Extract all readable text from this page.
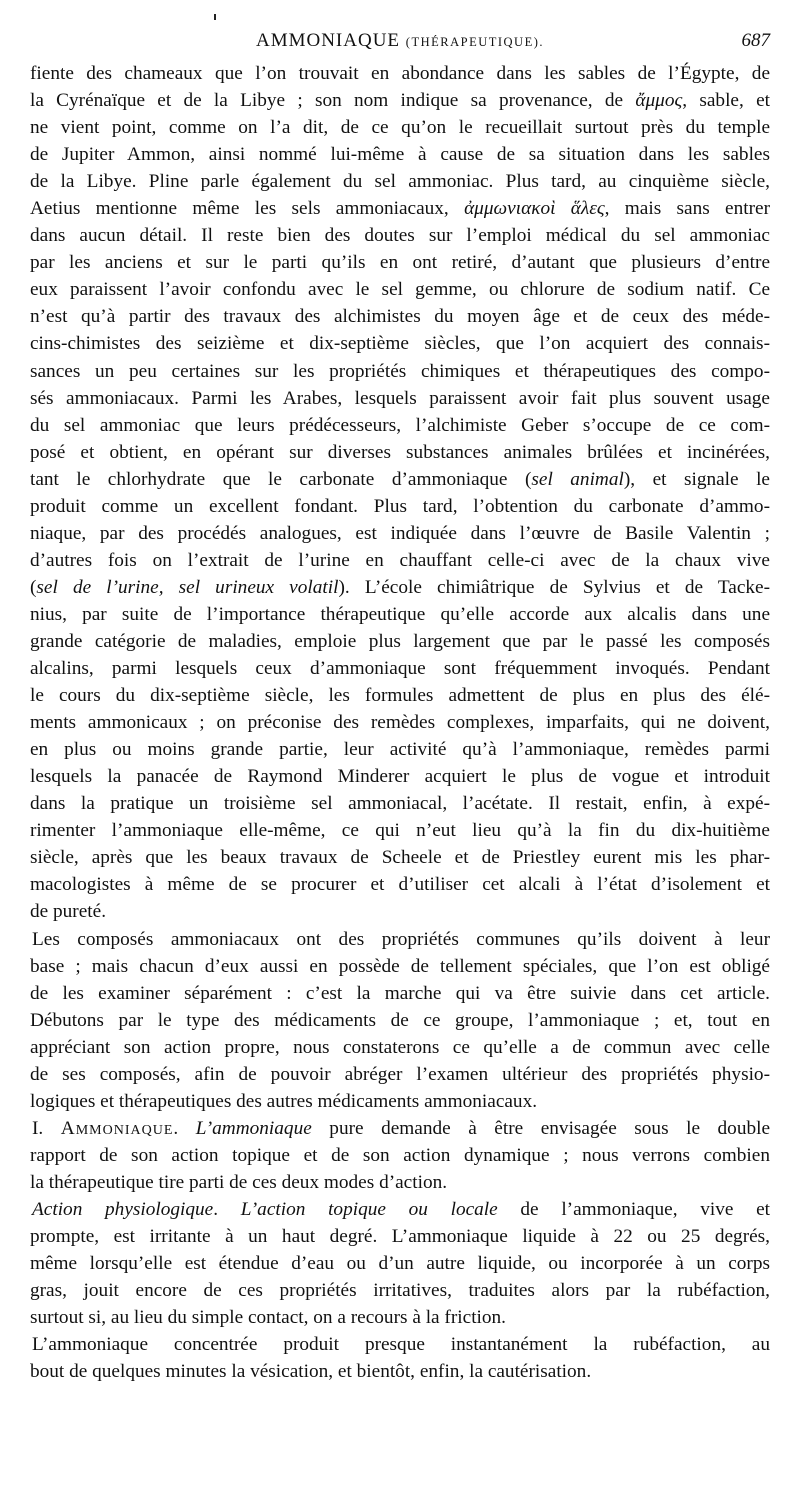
AMMONIAQUE (THÉRAPEUTIQUE).	687
fiente des chameaux que l’on trouvait en abondance dans les sables de l’Égypte, de
la Cyrénaïque et de la Libye ; son nom indique sa provenance, de ἄμμος, sable, et
ne vient point, comme on l’a dit, de ce qu’on le recueillait surtout près du temple
de Jupiter Ammon, ainsi nommé lui-même à cause de sa situation dans les sables
de la Libye. Pline parle également du sel ammoniac. Plus tard, au cinquième siècle,
Aetius mentionne même les sels ammoniacaux, ἀμμωνιακοὶ ἅλες, mais sans entrer
dans aucun détail. Il reste bien des doutes sur l’emploi médical du sel ammoniac
par les anciens et sur le parti qu’ils en ont retiré, d’autant que plusieurs d’entre
eux paraissent l’avoir confondu avec le sel gemme, ou chlorure de sodium natif. Ce
n’est qu’à partir des travaux des alchimistes du moyen âge et de ceux des méde-
cins-chimistes des seizième et dix-septième siècles, que l’on acquiert des connais-
sances un peu certaines sur les propriétés chimiques et thérapeutiques des compo-
sés ammoniacaux. Parmi les Arabes, lesquels paraissent avoir fait plus souvent usage
du sel ammoniac que leurs prédécesseurs, l’alchimiste Geber s’occupe de ce com-
posé et obtient, en opérant sur diverses substances animales brûlées et incinérées,
tant le chlorhydrate que le carbonate d’ammoniaque (sel animal), et signale le
produit comme un excellent fondant. Plus tard, l’obtention du carbonate d’ammo-
niaque, par des procédés analogues, est indiquée dans l’œuvre de Basile Valentin ;
d’autres fois on l’extrait de l’urine en chauffant celle-ci avec de la chaux vive
(sel de l’urine, sel urineux volatil). L’école chimiâtrique de Sylvius et de Tacke-
nius, par suite de l’importance thérapeutique qu’elle accorde aux alcalis dans une
grande catégorie de maladies, emploie plus largement que par le passé les composés
alcalins, parmi lesquels ceux d’ammoniaque sont fréquemment invoqués. Pendant
le cours du dix-septième siècle, les formules admettent de plus en plus des élé-
ments ammonicaux ; on préconise des remèdes complexes, imparfaits, qui ne doivent,
en plus ou moins grande partie, leur activité qu’à l’ammoniaque, remèdes parmi
lesquels la panacée de Raymond Minderer acquiert le plus de vogue et introduit
dans la pratique un troisième sel ammoniacal, l’acétate. Il restait, enfin, à expé-
rimenter l’ammoniaque elle-même, ce qui n’eut lieu qu’à la fin du dix-huitième
siècle, après que les beaux travaux de Scheele et de Priestley eurent mis les phar-
macologistes à même de se procurer et d’utiliser cet alcali à l’état d’isolement et
de pureté.
Les composés ammoniacaux ont des propriétés communes qu’ils doivent à leur
base ; mais chacun d’eux aussi en possède de tellement spéciales, que l’on est obligé
de les examiner séparément : c’est la marche qui va être suivie dans cet article.
Débutons par le type des médicaments de ce groupe, l’ammoniaque ; et, tout en
appréciant son action propre, nous constaterons ce qu’elle a de commun avec celle
de ses composés, afin de pouvoir abréger l’examen ultérieur des propriétés physio-
logiques et thérapeutiques des autres médicaments ammoniacaux.
I. Ammoniaque. L’ammoniaque pure demande à être envisagée sous le double
rapport de son action topique et de son action dynamique ; nous verrons combien
la thérapeutique tire parti de ces deux modes d’action.
Action physiologique. L’action topique ou locale de l’ammoniaque, vive et
prompte, est irritante à un haut degré. L’ammoniaque liquide à 22 ou 25 degrés,
même lorsqu’elle est étendue d’eau ou d’un autre liquide, ou incorporée à un corps
gras, jouit encore de ces propriétés irritatives, traduites alors par la rubéfaction,
surtout si, au lieu du simple contact, on a recours à la friction.
L’ammoniaque concentrée produit presque instantanément la rubéfaction, au
bout de quelques minutes la vésication, et bientôt, enfin, la cautérisation.
